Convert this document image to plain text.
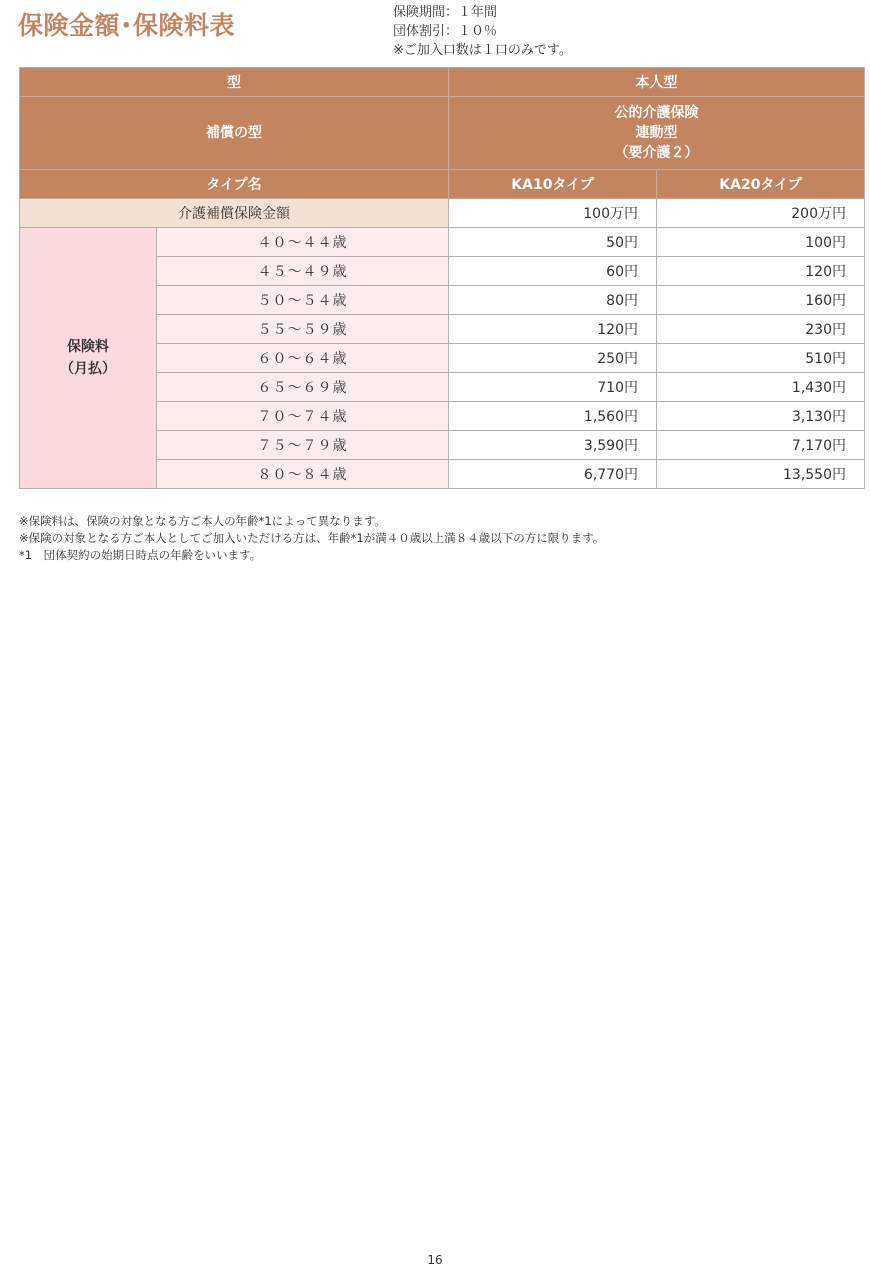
保険金額･保険料表	保険期間：１年間
団体割引：１０％
※ご加入口数は１口のみです。
型		本人型	
補償の型		公的介護保険
連動型
（要介護２）	

タイプ名		KA10タイプ	KA20タイプ
介護補償保険金額		100万円	200万円

保険料
（月払）	４０～４４歳	50円	100円
	４５～４９歳	60円	120円
	５０～５４歳	80円	160円
	５５～５９歳	120円	230円
	６０～６４歳	250円	510円
	６５～６９歳	710円	1,430円
	７０～７４歳	1,560円	3,130円
	７５～７９歳	3,590円	7,170円
	８０～８４歳	6,770円	13,550円
※保険料は、保険の対象となる方ご本人の年齢*1によって異なります。
※保険の対象となる方ご本人としてご加入いただける方は、年齢*1が満４０歳以上満８４歳以下の方に限ります。
*1　団体契約の始期日時点の年齢をいいます。
16
